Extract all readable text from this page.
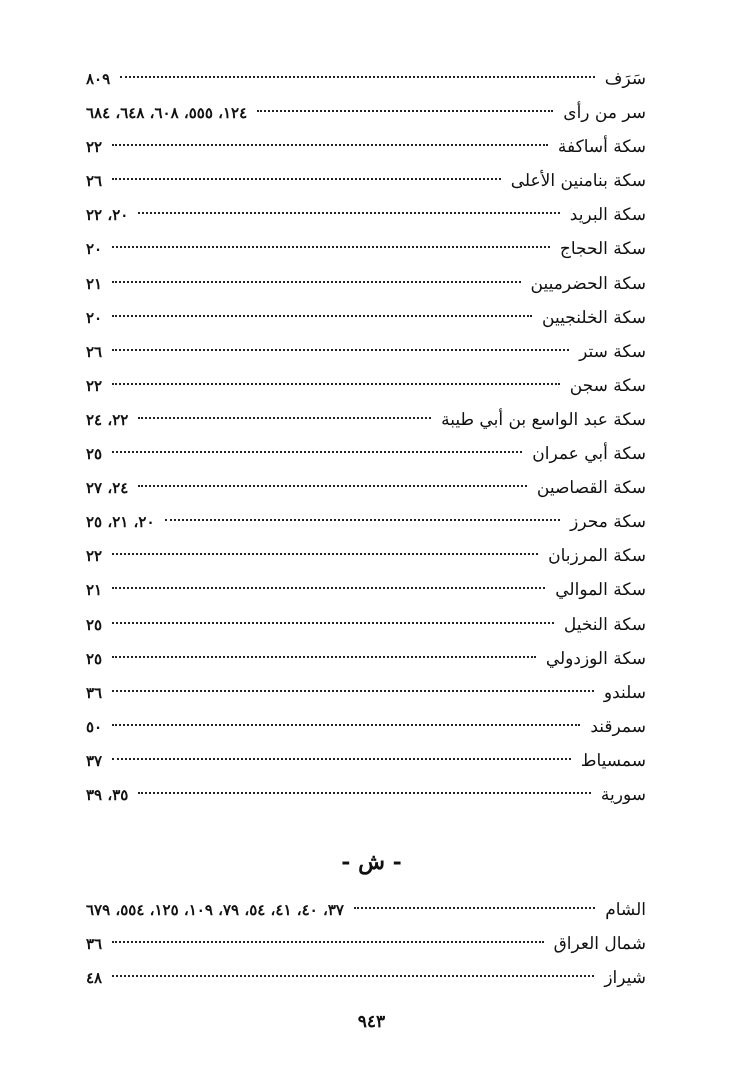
سَرَف
٨٠٩
سر من رأى
١٢٤، ٥٥٥، ٦٠٨، ٦٤٨، ٦٨٤
سكة أساكفة
٢٢
سكة بنامنين الأعلى
٢٦
سكة البريد
٢٠، ٢٢
سكة الحجاج
٢٠
سكة الحضرميين
٢١
سكة الخلنجيين
٢٠
سكة ستر
٢٦
سكة سجن
٢٢
سكة عبد الواسع بن أبي طيبة
٢٢، ٢٤
سكة أبي عمران
٢٥
سكة القصاصين
٢٤، ٢٧
سكة محرز
٢٠، ٢١، ٢٥
سكة المرزبان
٢٢
سكة الموالي
٢١
سكة النخيل
٢٥
سكة الوزدولي
٢٥
سلندو
٣٦
سمرقند
٥٠
سمسياط
٣٧
سورية
٣٥، ٣٩
- ش -
الشام
٣٧، ٤٠، ٤١، ٥٤، ٧٩، ١٠٩، ١٢٥، ٥٥٤، ٦٧٩
شمال العراق
٣٦
شيراز
٤٨
٩٤٣
